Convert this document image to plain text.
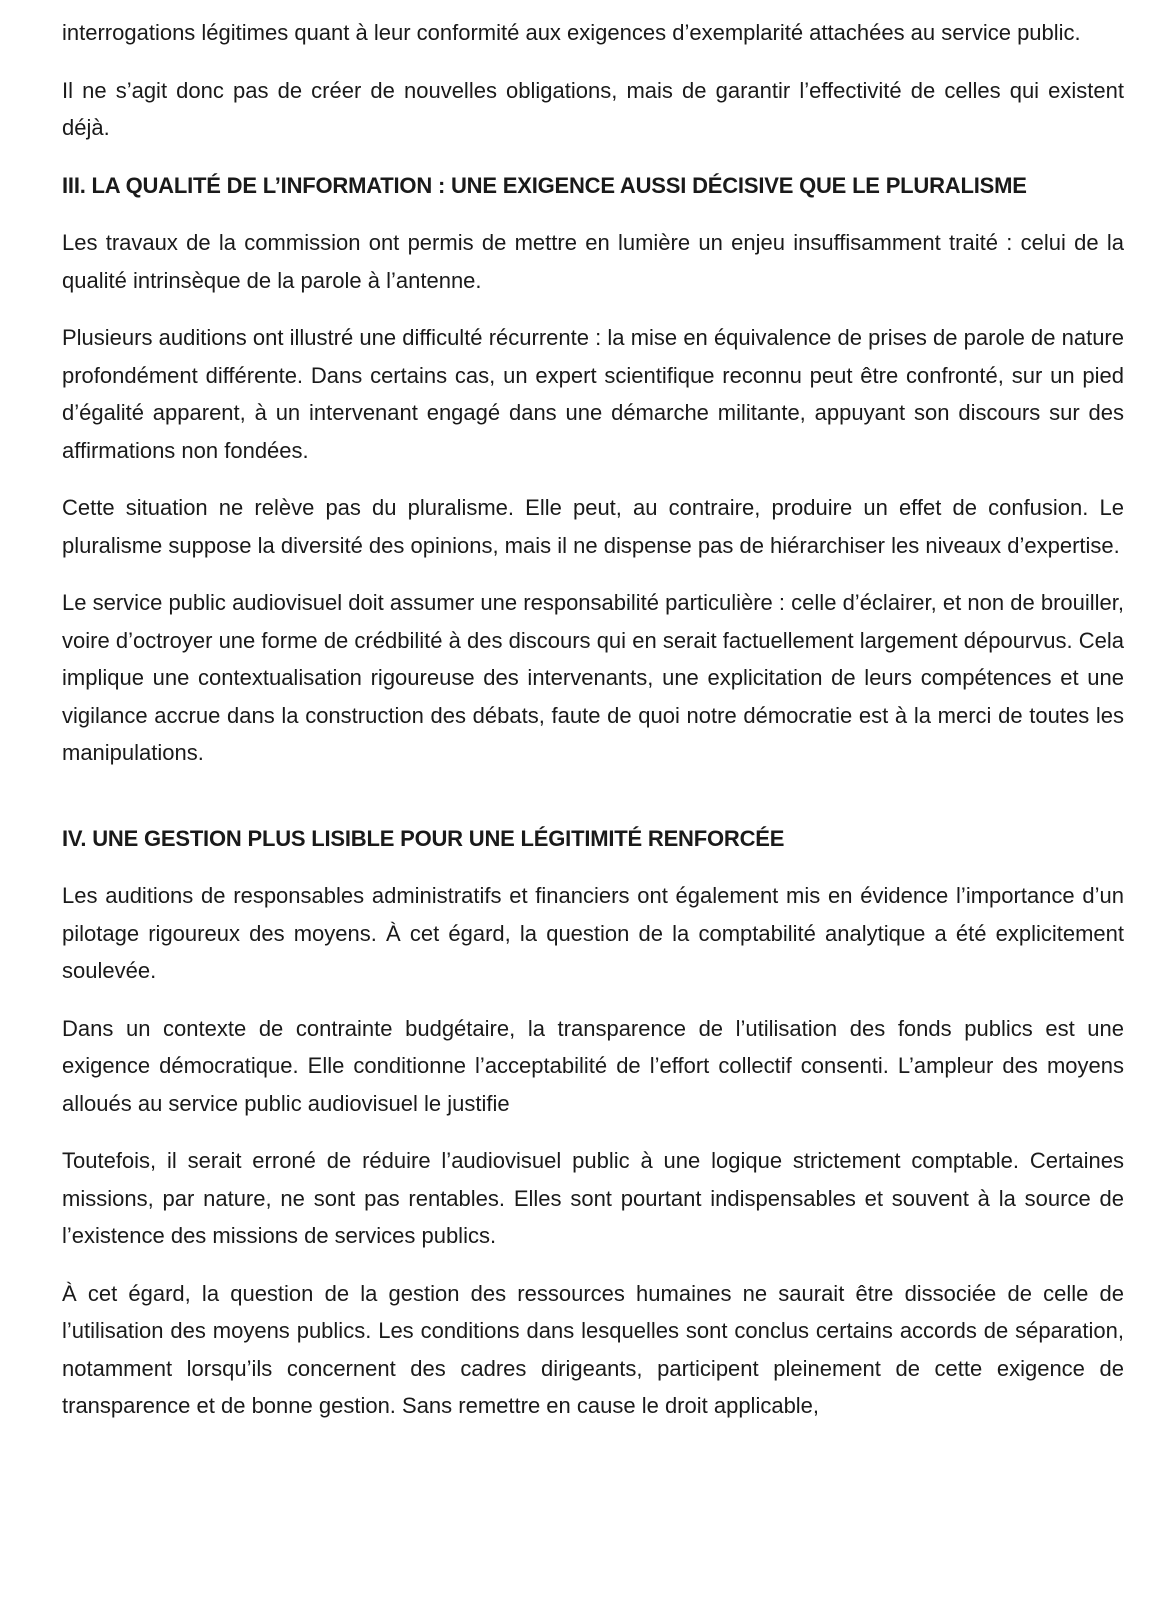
interrogations légitimes quant à leur conformité aux exigences d’exemplarité attachées au service public.

Il ne s’agit donc pas de créer de nouvelles obligations, mais de garantir l’effectivité de celles qui existent déjà.

III. LA QUALITÉ DE L’INFORMATION : UNE EXIGENCE AUSSI DÉCISIVE QUE LE PLURALISME

Les travaux de la commission ont permis de mettre en lumière un enjeu insuffisamment traité : celui de la qualité intrinsèque de la parole à l’antenne.

Plusieurs auditions ont illustré une difficulté récurrente : la mise en équivalence de prises de parole de nature profondément différente. Dans certains cas, un expert scientifique reconnu peut être confronté, sur un pied d’égalité apparent, à un intervenant engagé dans une démarche militante, appuyant son discours sur des affirmations non fondées.

Cette situation ne relève pas du pluralisme. Elle peut, au contraire, produire un effet de confusion. Le pluralisme suppose la diversité des opinions, mais il ne dispense pas de hiérarchiser les niveaux d’expertise.

Le service public audiovisuel doit assumer une responsabilité particulière : celle d’éclairer, et non de brouiller, voire d’octroyer une forme de crédbilité à des discours qui en serait factuellement largement dépourvus. Cela implique une contextualisation rigoureuse des intervenants, une explicitation de leurs compétences et une vigilance accrue dans la construction des débats, faute de quoi notre démocratie est à la merci de toutes les manipulations.

IV. UNE GESTION PLUS LISIBLE POUR UNE LÉGITIMITÉ RENFORCÉE

Les auditions de responsables administratifs et financiers ont également mis en évidence l’importance d’un pilotage rigoureux des moyens. À cet égard, la question de la comptabilité analytique a été explicitement soulevée.

Dans un contexte de contrainte budgétaire, la transparence de l’utilisation des fonds publics est une exigence démocratique. Elle conditionne l’acceptabilité de l’effort collectif consenti. L’ampleur des moyens alloués au service public audiovisuel le justifie

Toutefois, il serait erroné de réduire l’audiovisuel public à une logique strictement comptable. Certaines missions, par nature, ne sont pas rentables. Elles sont pourtant indispensables et souvent à la source de l’existence des missions de services publics.

À cet égard, la question de la gestion des ressources humaines ne saurait être dissociée de celle de l’utilisation des moyens publics. Les conditions dans lesquelles sont conclus certains accords de séparation, notamment lorsqu’ils concernent des cadres dirigeants, participent pleinement de cette exigence de transparence et de bonne gestion. Sans remettre en cause le droit applicable,
